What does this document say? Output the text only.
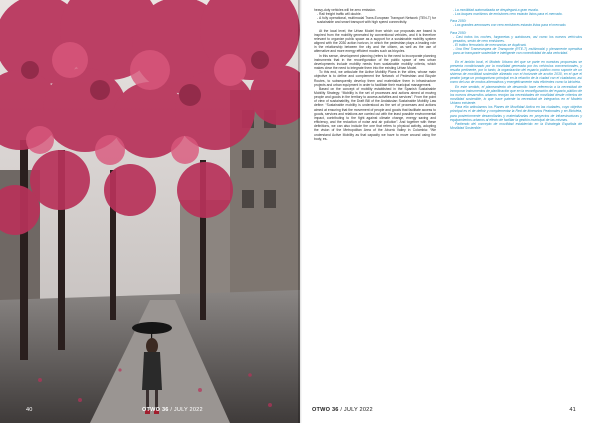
40	OTWO 36 / JULY 2022

heavy-duty vehicles will be zero emission.

- Rail freight traffic will double.

- A fully operational, multimodal Trans-European Transport Network (TEN-T) for sustainable and smart transport with high speed connectivity.

At the local level, the Urban Model from which our proposals are based is inspired from the mobility generated by conventional vehicles, and it is therefore relevant to organize public space as a support for a sustainable mobility system aligned with the 2030 action horizon, in which the pedestrian plays a leading role in the relationship between the city and the citizen, as well as the use of alternative and more energy efficient modes such as bicycles.

In this sense, development planning (refers to the need to incorporate planning instruments that in the reconfiguration of the public space of new urban developments include mobility needs from sustainable mobility criteria, which makes clear the need to integrate them into the existing Urban Model.

To this end, we articulate the Active Mobility Plans in the cities, whose main objective is to define and complement the Network of Pedestrian and Bicycle Routes, to subsequently develop them and materialize them in infrastructure projects and urban equipment in order to facilitate their municipal management.

Based on the concept of mobility established in the Spanish Sustainable Mobility Strategy: “Mobility is the set of processes and actions aimed at moving people and goods in the territory to access activities and services”. From the point of view of sustainability, the Draft Bill of the Andalusian Sustainable Mobility Law define: “Sustainable mobility is understood as the set of processes and actions aimed at ensuring that the movement of people and goods that facilitate access to goods, services and relations are carried out with the least possible environmental impact, contributing to the fight against climate change, energy saving and efficiency, and the reduction of noise and air pollution”. And together with these definitions, we can also include the one that refers to physical activity, adopting the vision of the Metropolitan Area of the Aburrá Valley in Colombia: “We understand Active Mobility as that capacity we have to move around using the body, es-

- La movilidad automatizada se desplegará a gran escala.

- Los buques marítimos de emisiones cero estarán listos para el mercado.

Para 2050:

- Los grandes aeronaves con cero emisiones estarán listos para el mercado.

Para 2050:

- Casi todos los coches, furgonetas y autobuses, así como los nuevos vehículos pesados, serán de cero emisiones.

- El tráfico ferroviario de mercancías se duplicará.

- Una Red Transeuropea de Transporte (RTE-T) multimodal y plenamente operativa para un transporte sostenible e inteligente con conectividad de alta velocidad.

En el ámbito local, el Modelo Urbano del que se parte en nuestras propuestas se presenta condicionado por la movilidad generada por los vehículos convencionales, y resulta pertinente, por lo tanto, la organización del espacio público como soporte de un sistema de movilidad sostenible alineado con el horizonte de acción 2030, en el que el peatón juega un protagonismo principal en la relación de la ciudad con el ciudadano, así como del uso de modos alternativos y energéticamente más eficientes como la bicicleta.

En este sentido, el planeamiento de desarrollo hace referencia a la necesidad de incorporar instrumentos de planificación que en la reconfiguración del espacio público de los nuevos desarrollos urbanos recojan las necesidades de movilidad desde criterios de movilidad sostenible, lo que hace patente la necesidad de integrarlos en el Modelo Urbano existente.

Para ello articulamos los Planes de Movilidad Activa en las ciudades, cuyo objetivo principal es el de definir y complementar la Red de Itinerarios Peatonales y en Bicicleta, para posteriormente desarrollarlas y materializarlas en proyectos de infraestructuras y equipamientos urbanos al efecto de facilitar la gestión municipal de las mismas.

Partiendo del concepto de movilidad establecido en la Estrategia Española de Movilidad Sostenible:

OTWO 36 / JULY 2022	41
